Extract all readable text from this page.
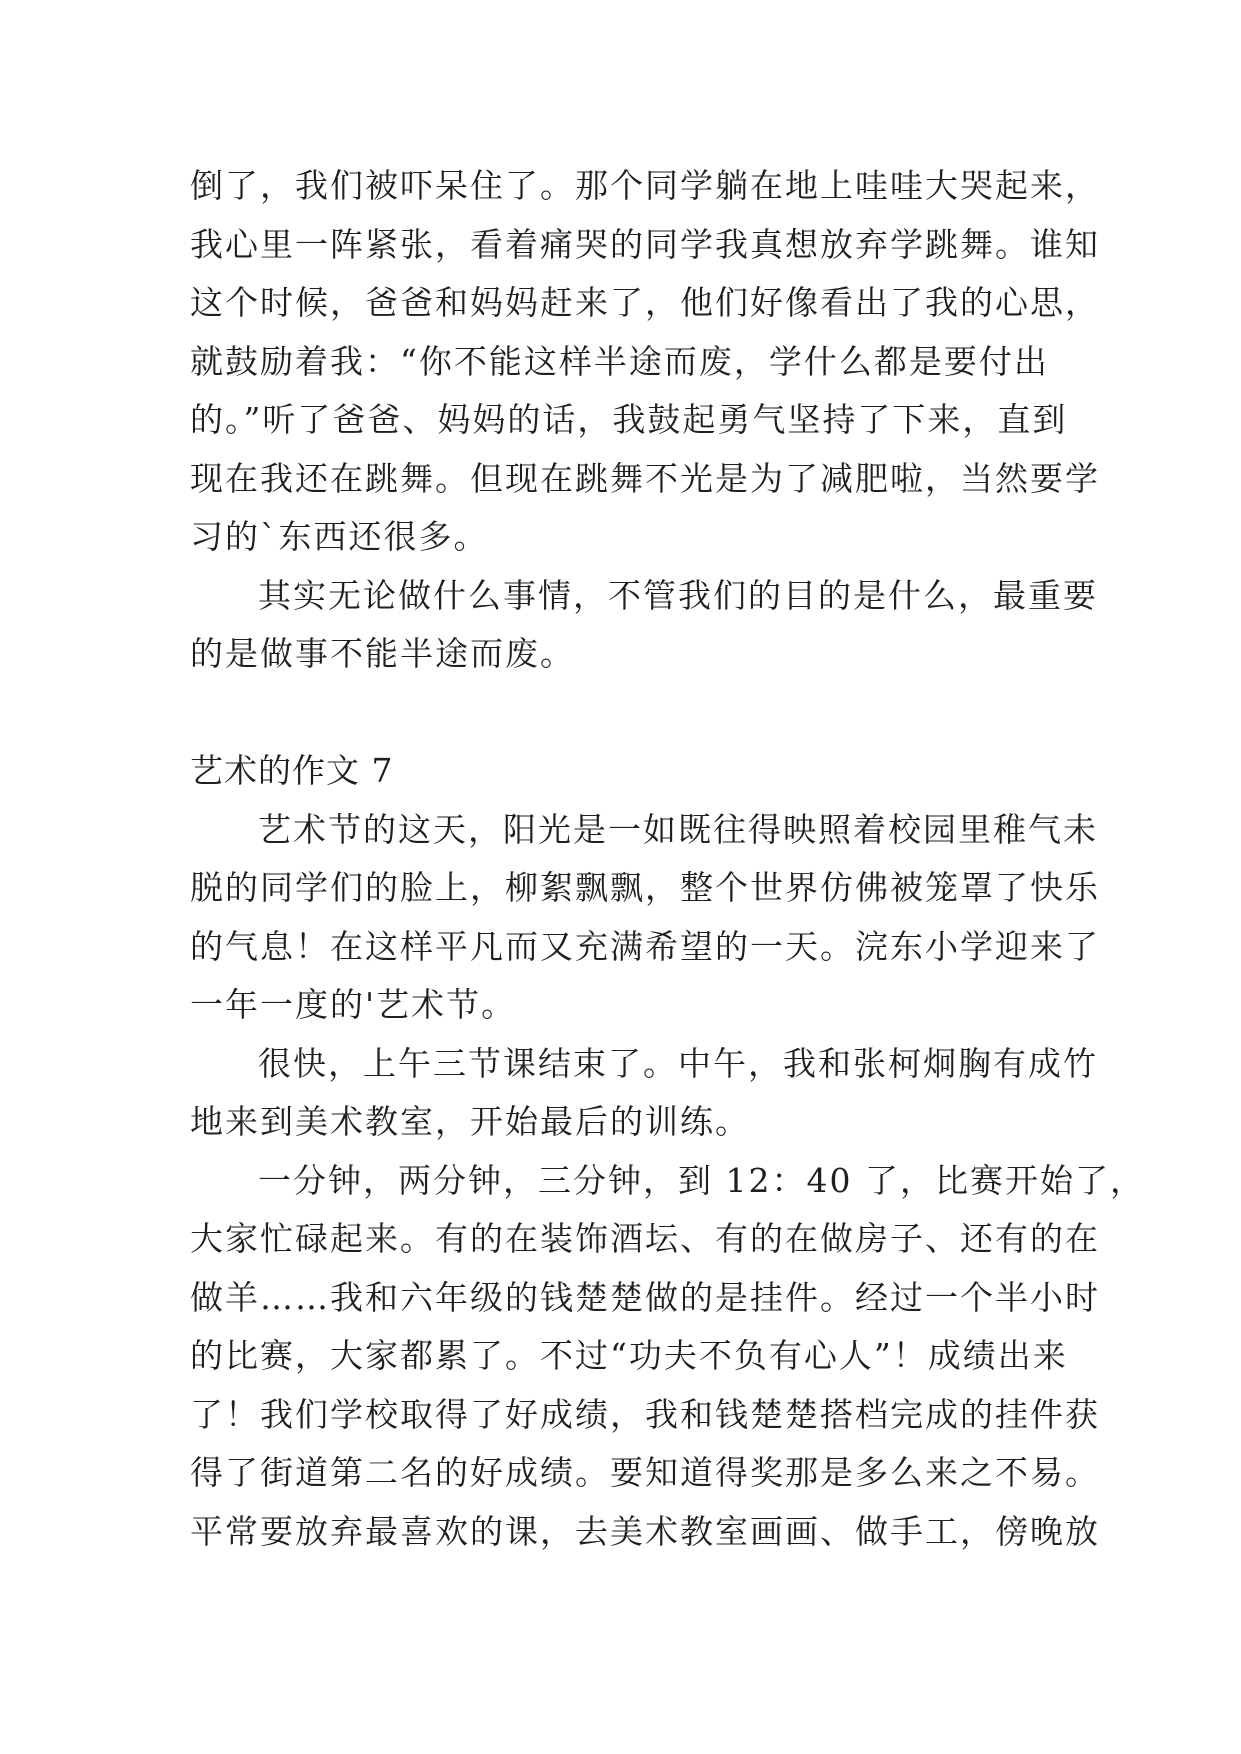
倒了，我们被吓呆住了。那个同学躺在地上哇哇大哭起来，
我心里一阵紧张，看着痛哭的同学我真想放弃学跳舞。谁知
这个时候，爸爸和妈妈赶来了，他们好像看出了我的心思，
就鼓励着我：“你不能这样半途而废，学什么都是要付出
的。”听了爸爸、妈妈的话，我鼓起勇气坚持了下来，直到
现在我还在跳舞。但现在跳舞不光是为了减肥啦，当然要学
习的`东西还很多。
其实无论做什么事情，不管我们的目的是什么，最重要
的是做事不能半途而废。
艺术的作文 7
艺术节的这天，阳光是一如既往得映照着校园里稚气未
脱的同学们的脸上，柳絮飘飘，整个世界仿佛被笼罩了快乐
的气息！在这样平凡而又充满希望的一天。浣东小学迎来了
一年一度的'艺术节。
很快，上午三节课结束了。中午，我和张柯炯胸有成竹
地来到美术教室，开始最后的训练。
一分钟，两分钟，三分钟，到 12：40 了，比赛开始了，
大家忙碌起来。有的在装饰酒坛、有的在做房子、还有的在
做羊……我和六年级的钱楚楚做的是挂件。经过一个半小时
的比赛，大家都累了。不过“功夫不负有心人”！成绩出来
了！我们学校取得了好成绩，我和钱楚楚搭档完成的挂件获
得了街道第二名的好成绩。要知道得奖那是多么来之不易。
平常要放弃最喜欢的课，去美术教室画画、做手工，傍晚放
